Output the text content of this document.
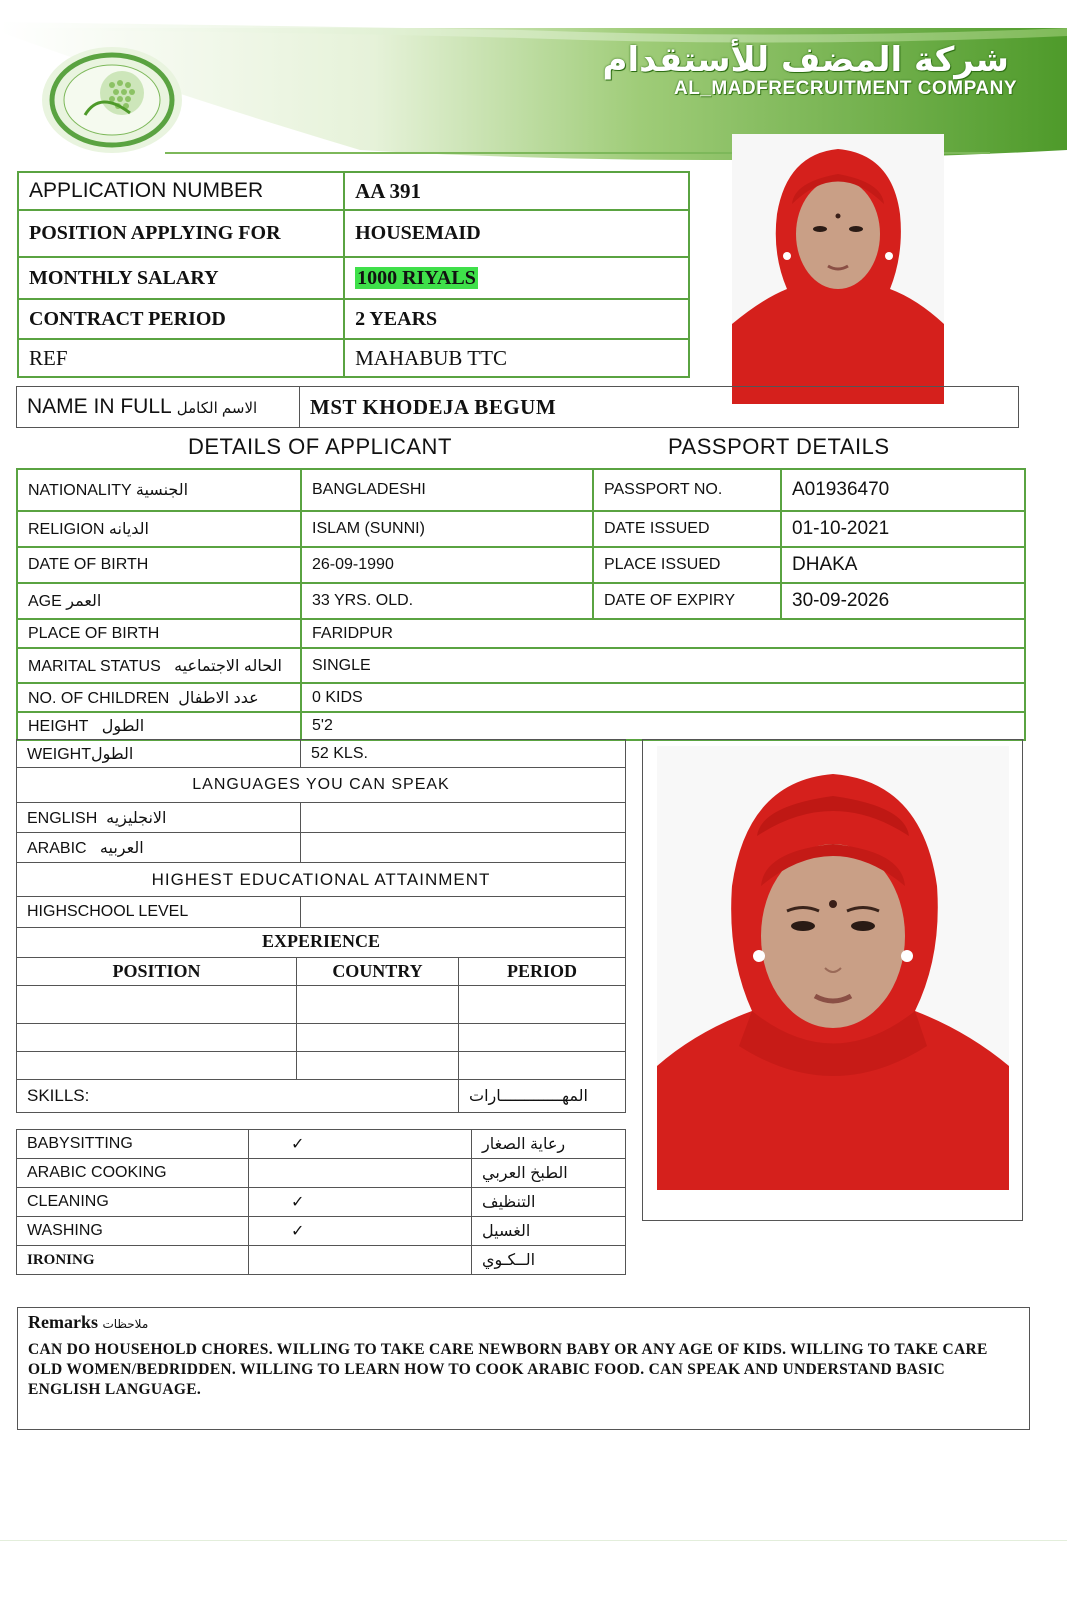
شركة المضف للأستقدام
AL_MADFRECRUITMENT COMPANY
APPLICATION NUMBER	AA 391
POSITION APPLYING FOR	HOUSEMAID
MONTHLY SALARY	1000 RIYALS
CONTRACT PERIOD	2 YEARS
REF	MAHABUB TTC
NAME IN FULL الاسم الكامل	MST KHODEJA BEGUM
DETAILS OF APPLICANT	PASSPORT DETAILS
NATIONALITY الجنسية	BANGLADESHI	PASSPORT NO.	A01936470
RELIGION الديانه	ISLAM (SUNNI)	DATE ISSUED	01-10-2021
DATE OF BIRTH	26-09-1990	PLACE ISSUED	DHAKA
AGE العمر	33 YRS. OLD.	DATE OF EXPIRY	30-09-2026
PLACE OF BIRTH	FARIDPUR		
MARITAL STATUS الحاله الاجتماعيه	SINGLE		
NO. OF CHILDREN عدد الاطفال	0 KIDS		
HEIGHT الطول	5'2		
WEIGHTالطول	52 KLS.
LANGUAGES YOU CAN SPEAK	
ENGLISH الانجليزيه	
ARABIC العربيه	
HIGHEST EDUCATIONAL ATTAINMENT	
HIGHSCHOOL LEVEL	
EXPERIENCE		
POSITION	COUNTRY	PERIOD

SKILLS:		المهـــــــــــــارات
BABYSITTING	✓	رعاية الصغار
ARABIC COOKING		الطبخ العربي
CLEANING	✓	التنظيف
WASHING	✓	الغسيل
IRONING		الــكـوي
Remarks ملاحظات
CAN DO HOUSEHOLD CHORES. WILLING TO TAKE CARE NEWBORN BABY OR ANY AGE OF KIDS. WILLING TO TAKE CARE OLD WOMEN/BEDRIDDEN. WILLING TO LEARN HOW TO COOK ARABIC FOOD. CAN SPEAK AND UNDERSTAND BASIC ENGLISH LANGUAGE.
